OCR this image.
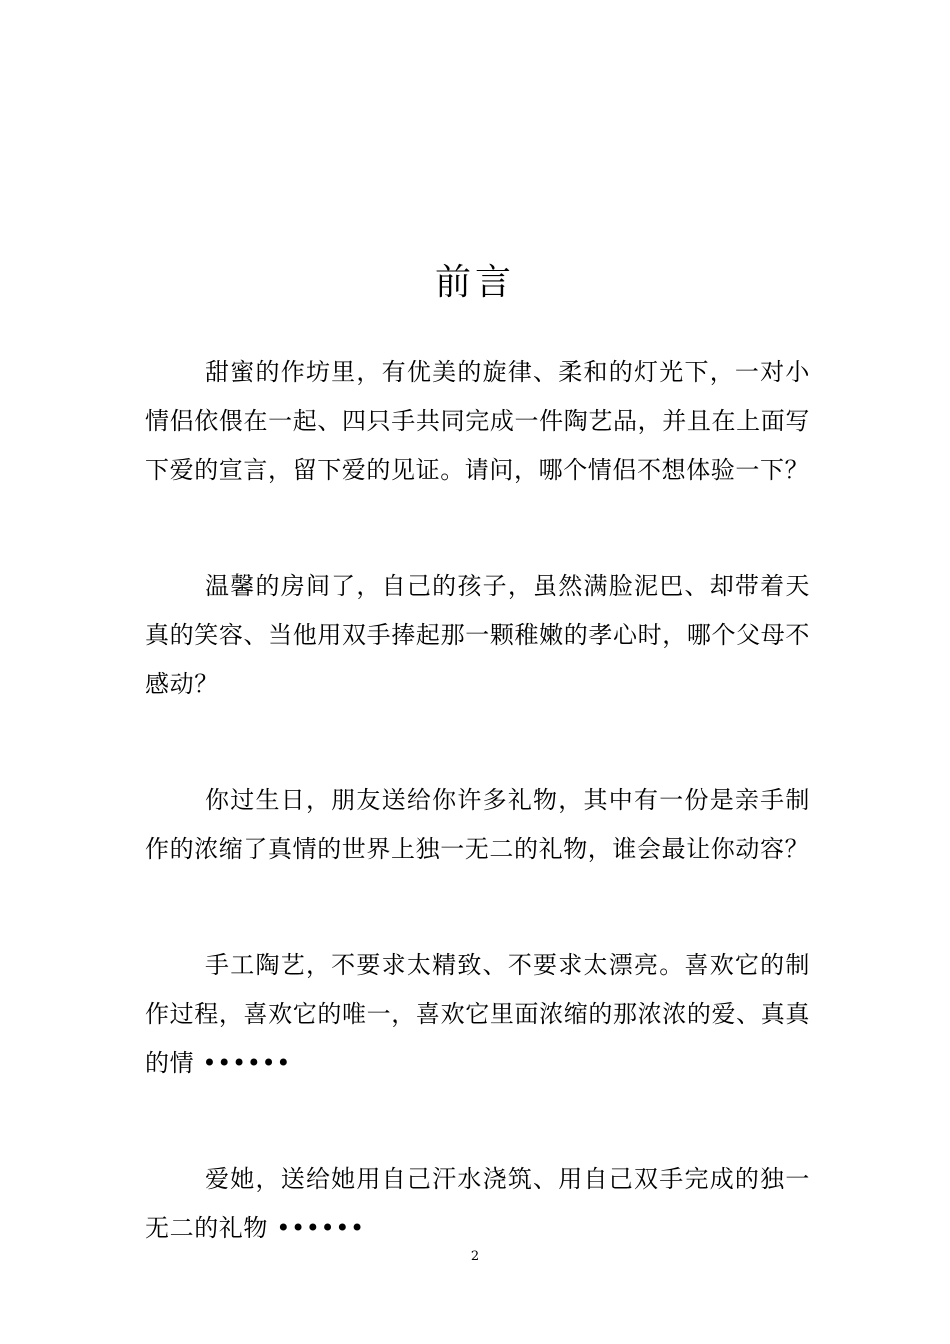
前言

甜蜜的作坊里，有优美的旋律、柔和的灯光下，一对小情侣依偎在一起、四只手共同完成一件陶艺品，并且在上面写下爱的宣言，留下爱的见证。请问，哪个情侣不想体验一下？

温馨的房间了，自己的孩子，虽然满脸泥巴、却带着天真的笑容、当他用双手捧起那一颗稚嫩的孝心时，哪个父母不感动？

你过生日，朋友送给你许多礼物，其中有一份是亲手制作的浓缩了真情的世界上独一无二的礼物，谁会最让你动容？

手工陶艺，不要求太精致、不要求太漂亮。喜欢它的制作过程，喜欢它的唯一，喜欢它里面浓缩的那浓浓的爱、真真的情 ••••••

爱她，送给她用自己汗水浇筑、用自己双手完成的独一无二的礼物 ••••••

2
